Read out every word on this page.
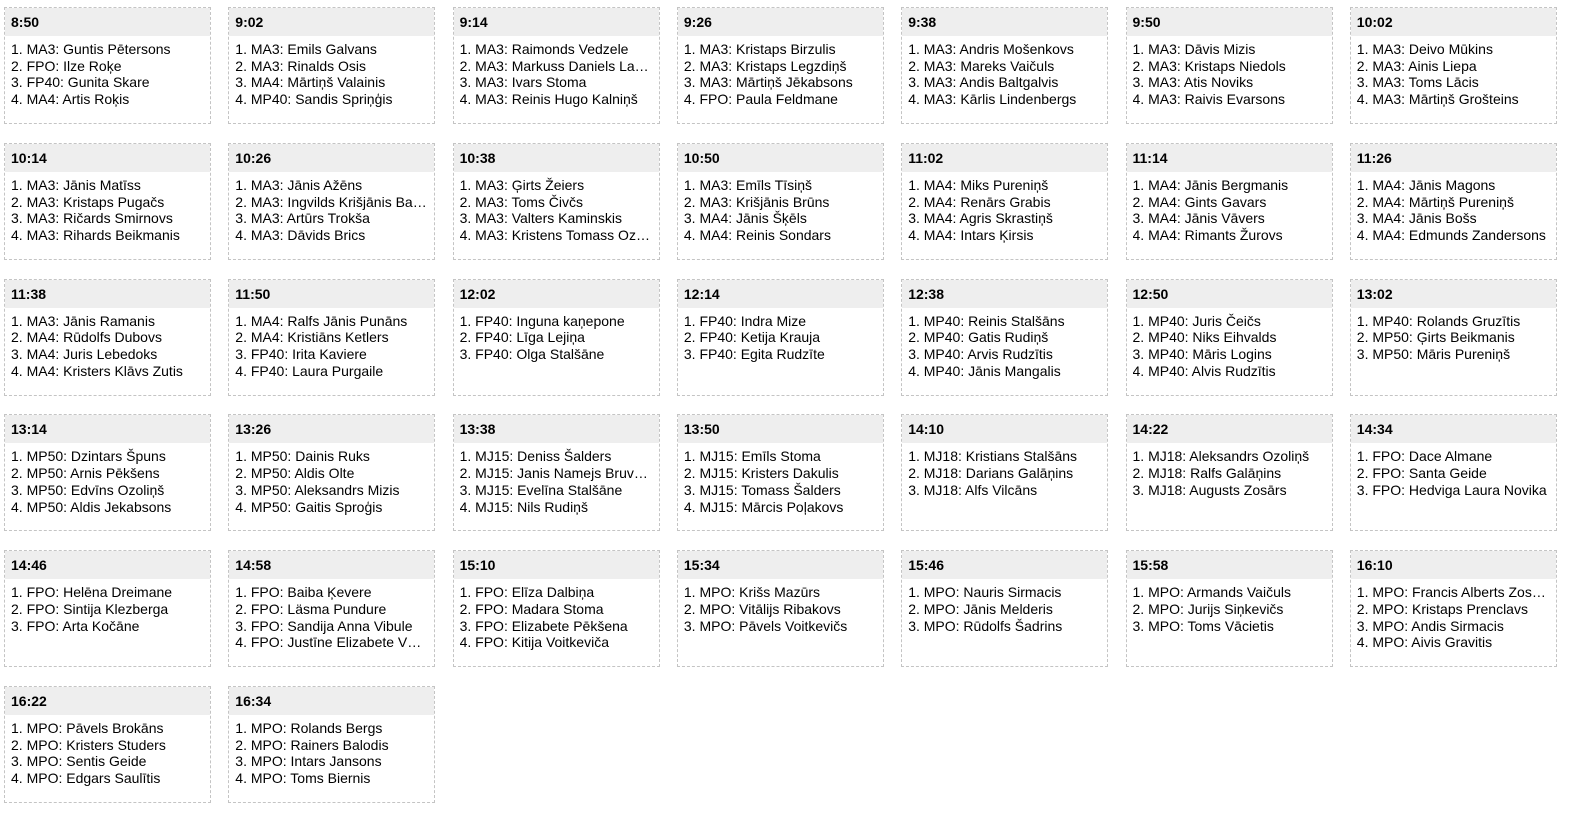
8:50
1. MA3: Guntis Pētersons
2. FPO: Ilze Roķe
3. FP40: Gunita Skare
4. MA4: Artis Roķis
9:02
1. MA3: Emils Galvans
2. MA3: Rinalds Osis
3. MA4: Mārtiņš Valainis
4. MP40: Sandis Spriņģis
9:14
1. MA3: Raimonds Vedzele
2. MA3: Markuss Daniels La…
3. MA3: Ivars Stoma
4. MA3: Reinis Hugo Kalniņš
9:26
1. MA3: Kristaps Birzulis
2. MA3: Kristaps Legzdiņš
3. MA3: Mārtiņš Jēkabsons
4. FPO: Paula Feldmane
9:38
1. MA3: Andris Mošenkovs
2. MA3: Mareks Vaičuls
3. MA3: Andis Baltgalvis
4. MA3: Kārlis Lindenbergs
9:50
1. MA3: Dāvis Mizis
2. MA3: Kristaps Niedols
3. MA3: Atis Noviks
4. MA3: Raivis Evarsons
10:02
1. MA3: Deivo Mūkins
2. MA3: Ainis Liepa
3. MA3: Toms Lācis
4. MA3: Mārtiņš Grošteins
10:14
1. MA3: Jānis Matīss
2. MA3: Kristaps Pugačs
3. MA3: Ričards Smirnovs
4. MA3: Rihards Beikmanis
10:26
1. MA3: Jānis Ažēns
2. MA3: Ingvilds Krišjānis Ba…
3. MA3: Artūrs Trokša
4. MA3: Dāvids Brics
10:38
1. MA3: Ģirts Žeiers
2. MA3: Toms Čivčs
3. MA3: Valters Kaminskis
4. MA3: Kristens Tomass Oz…
10:50
1. MA3: Emīls Tīsiņš
2. MA3: Krišjānis Brūns
3. MA4: Jānis Šķēls
4. MA4: Reinis Sondars
11:02
1. MA4: Miks Pureniņš
2. MA4: Renārs Grabis
3. MA4: Agris Skrastiņš
4. MA4: Intars Ķirsis
11:14
1. MA4: Jānis Bergmanis
2. MA4: Gints Gavars
3. MA4: Jānis Vāvers
4. MA4: Rimants Žurovs
11:26
1. MA4: Jānis Magons
2. MA4: Mārtiņš Pureniņš
3. MA4: Jānis Bošs
4. MA4: Edmunds Zandersons
11:38
1. MA3: Jānis Ramanis
2. MA4: Rūdolfs Dubovs
3. MA4: Juris Lebedoks
4. MA4: Kristers Klāvs Zutis
11:50
1. MA4: Ralfs Jānis Punāns
2. MA4: Kristiāns Ketlers
3. FP40: Irita Kaviere
4. FP40: Laura Purgaile
12:02
1. FP40: Inguna kaņepone
2. FP40: Līga Lejiņa
3. FP40: Olga Stalšāne
12:14
1. FP40: Indra Mize
2. FP40: Ketija Krauja
3. FP40: Egita Rudzīte
12:38
1. MP40: Reinis Stalšāns
2. MP40: Gatis Rudiņš
3. MP40: Arvis Rudzītis
4. MP40: Jānis Mangalis
12:50
1. MP40: Juris Čeičs
2. MP40: Niks Eihvalds
3. MP40: Māris Logins
4. MP40: Alvis Rudzītis
13:02
1. MP40: Rolands Gruzītis
2. MP50: Ģirts Beikmanis
3. MP50: Māris Pureniņš
13:14
1. MP50: Dzintars Špuns
2. MP50: Arnis Pēkšens
3. MP50: Edvīns Ozoliņš
4. MP50: Aldis Jekabsons
13:26
1. MP50: Dainis Ruks
2. MP50: Aldis Olte
3. MP50: Aleksandrs Mizis
4. MP50: Gaitis Sproģis
13:38
1. MJ15: Deniss Šalders
2. MJ15: Janis Namejs Bruv…
3. MJ15: Evelīna Stalšāne
4. MJ15: Nils Rudiņš
13:50
1. MJ15: Emīls Stoma
2. MJ15: Kristers Dakulis
3. MJ15: Tomass Šalders
4. MJ15: Mārcis Poļakovs
14:10
1. MJ18: Kristians Stalšāns
2. MJ18: Darians Galāņins
3. MJ18: Alfs Vilcāns
14:22
1. MJ18: Aleksandrs Ozoliņš
2. MJ18: Ralfs Galāņins
3. MJ18: Augusts Zosārs
14:34
1. FPO: Dace Almane
2. FPO: Santa Geide
3. FPO: Hedviga Laura Novika
14:46
1. FPO: Helēna Dreimane
2. FPO: Sintija Klezberga
3. FPO: Arta Kočāne
14:58
1. FPO: Baiba Ķevere
2. FPO: Läsma Pundure
3. FPO: Sandija Anna Vibule
4. FPO: Justīne Elizabete V…
15:10
1. FPO: Elīza Dalbiņa
2. FPO: Madara Stoma
3. FPO: Elizabete Pēkšena
4. FPO: Kitija Voitkeviča
15:34
1. MPO: Krišs Mazūrs
2. MPO: Vitālijs Ribakovs
3. MPO: Pāvels Voitkevičs
15:46
1. MPO: Nauris Sirmacis
2. MPO: Jānis Melderis
3. MPO: Rūdolfs Šadrins
15:58
1. MPO: Armands Vaičuls
2. MPO: Jurijs Siņkevičs
3. MPO: Toms Vācietis
16:10
1. MPO: Francis Alberts Zos…
2. MPO: Kristaps Prenclavs
3. MPO: Andis Sirmacis
4. MPO: Aivis Gravitis
16:22
1. MPO: Pāvels Brokāns
2. MPO: Kristers Studers
3. MPO: Sentis Geide
4. MPO: Edgars Saulītis
16:34
1. MPO: Rolands Bergs
2. MPO: Rainers Balodis
3. MPO: Intars Jansons
4. MPO: Toms Biernis
